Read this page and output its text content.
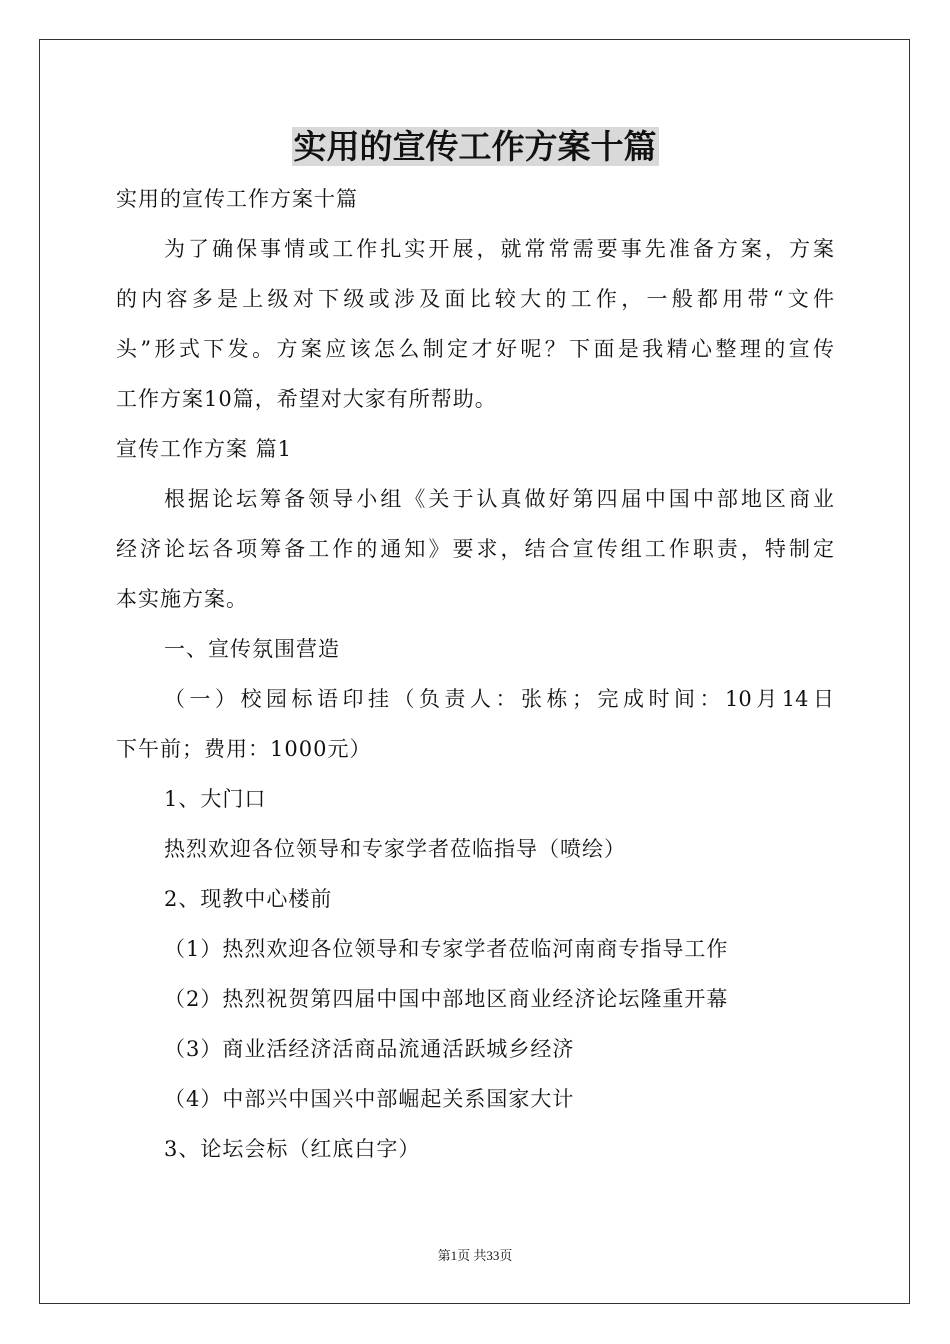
实用的宣传工作方案十篇
实用的宣传工作方案十篇
为了确保事情或工作扎实开展，就常常需要事先准备方案，方案
的内容多是上级对下级或涉及面比较大的工作，一般都用带“文件
头”形式下发。方案应该怎么制定才好呢？下面是我精心整理的宣传
工作方案10篇，希望对大家有所帮助。
宣传工作方案 篇1
根据论坛筹备领导小组《关于认真做好第四届中国中部地区商业
经济论坛各项筹备工作的通知》要求，结合宣传组工作职责，特制定
本实施方案。
一、宣传氛围营造
（一）校园标语印挂（负责人：张栋；完成时间：10月14日
下午前；费用：1000元）
1、大门口
热烈欢迎各位领导和专家学者莅临指导（喷绘）
2、现教中心楼前
（1）热烈欢迎各位领导和专家学者莅临河南商专指导工作
（2）热烈祝贺第四届中国中部地区商业经济论坛隆重开幕
（3）商业活经济活商品流通活跃城乡经济
（4）中部兴中国兴中部崛起关系国家大计
3、论坛会标（红底白字）
第1页 共33页
